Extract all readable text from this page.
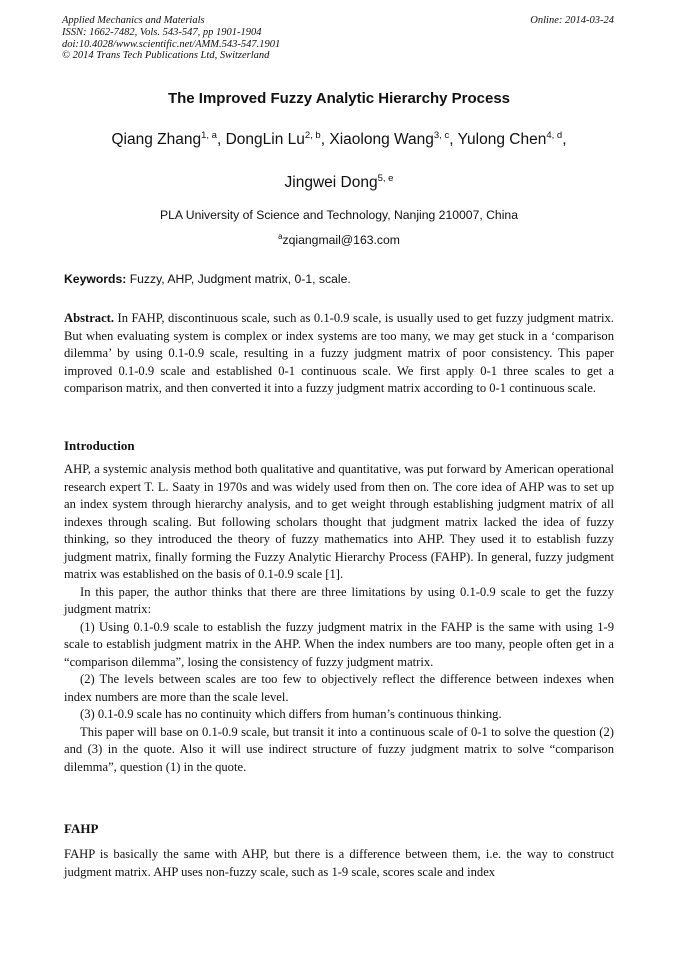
Applied Mechanics and Materials
ISSN: 1662-7482, Vols. 543-547, pp 1901-1904
doi:10.4028/www.scientific.net/AMM.543-547.1901
© 2014 Trans Tech Publications Ltd, Switzerland
Online: 2014-03-24
The Improved Fuzzy Analytic Hierarchy Process
Qiang Zhang$^{1, a}$, DongLin Lu$^{2, b}$, Xiaolong Wang$^{3, c}$, Yulong Chen$^{4, d}$,
Jingwei Dong$^{5, e}$
PLA University of Science and Technology, Nanjing 210007, China
$^a$zqiangmail@163.com
Keywords: Fuzzy, AHP, Judgment matrix, 0-1, scale.

Abstract. In FAHP, discontinuous scale, such as 0.1-0.9 scale, is usually used to get fuzzy judgment matrix. But when evaluating system is complex or index systems are too many, we may get stuck in a ‘comparison dilemma’ by using 0.1-0.9 scale, resulting in a fuzzy judgment matrix of poor consistency. This paper improved 0.1-0.9 scale and established 0-1 continuous scale. We first apply 0-1 three scales to get a comparison matrix, and then converted it into a fuzzy judgment matrix according to 0-1 continuous scale.

Introduction

AHP, a systemic analysis method both qualitative and quantitative, was put forward by American operational research expert T. L. Saaty in 1970s and was widely used from then on. The core idea of AHP was to set up an index system through hierarchy analysis, and to get weight through establishing judgment matrix of all indexes through scaling. But following scholars thought that judgment matrix lacked the idea of fuzzy thinking, so they introduced the theory of fuzzy mathematics into AHP. They used it to establish fuzzy judgment matrix, finally forming the Fuzzy Analytic Hierarchy Process (FAHP). In general, fuzzy judgment matrix was established on the basis of 0.1-0.9 scale [1].

In this paper, the author thinks that there are three limitations by using 0.1-0.9 scale to get the fuzzy judgment matrix:

(1) Using 0.1-0.9 scale to establish the fuzzy judgment matrix in the FAHP is the same with using 1-9 scale to establish judgment matrix in the AHP. When the index numbers are too many, people often get in a “comparison dilemma”, losing the consistency of fuzzy judgment matrix.

(2) The levels between scales are too few to objectively reflect the difference between indexes when index numbers are more than the scale level.

(3) 0.1-0.9 scale has no continuity which differs from human’s continuous thinking.

This paper will base on 0.1-0.9 scale, but transit it into a continuous scale of 0-1 to solve the question (2) and (3) in the quote. Also it will use indirect structure of fuzzy judgment matrix to solve “comparison dilemma”, question (1) in the quote.

FAHP

FAHP is basically the same with AHP, but there is a difference between them, i.e. the way to construct judgment matrix. AHP uses non-fuzzy scale, such as 1-9 scale, scores scale and index
